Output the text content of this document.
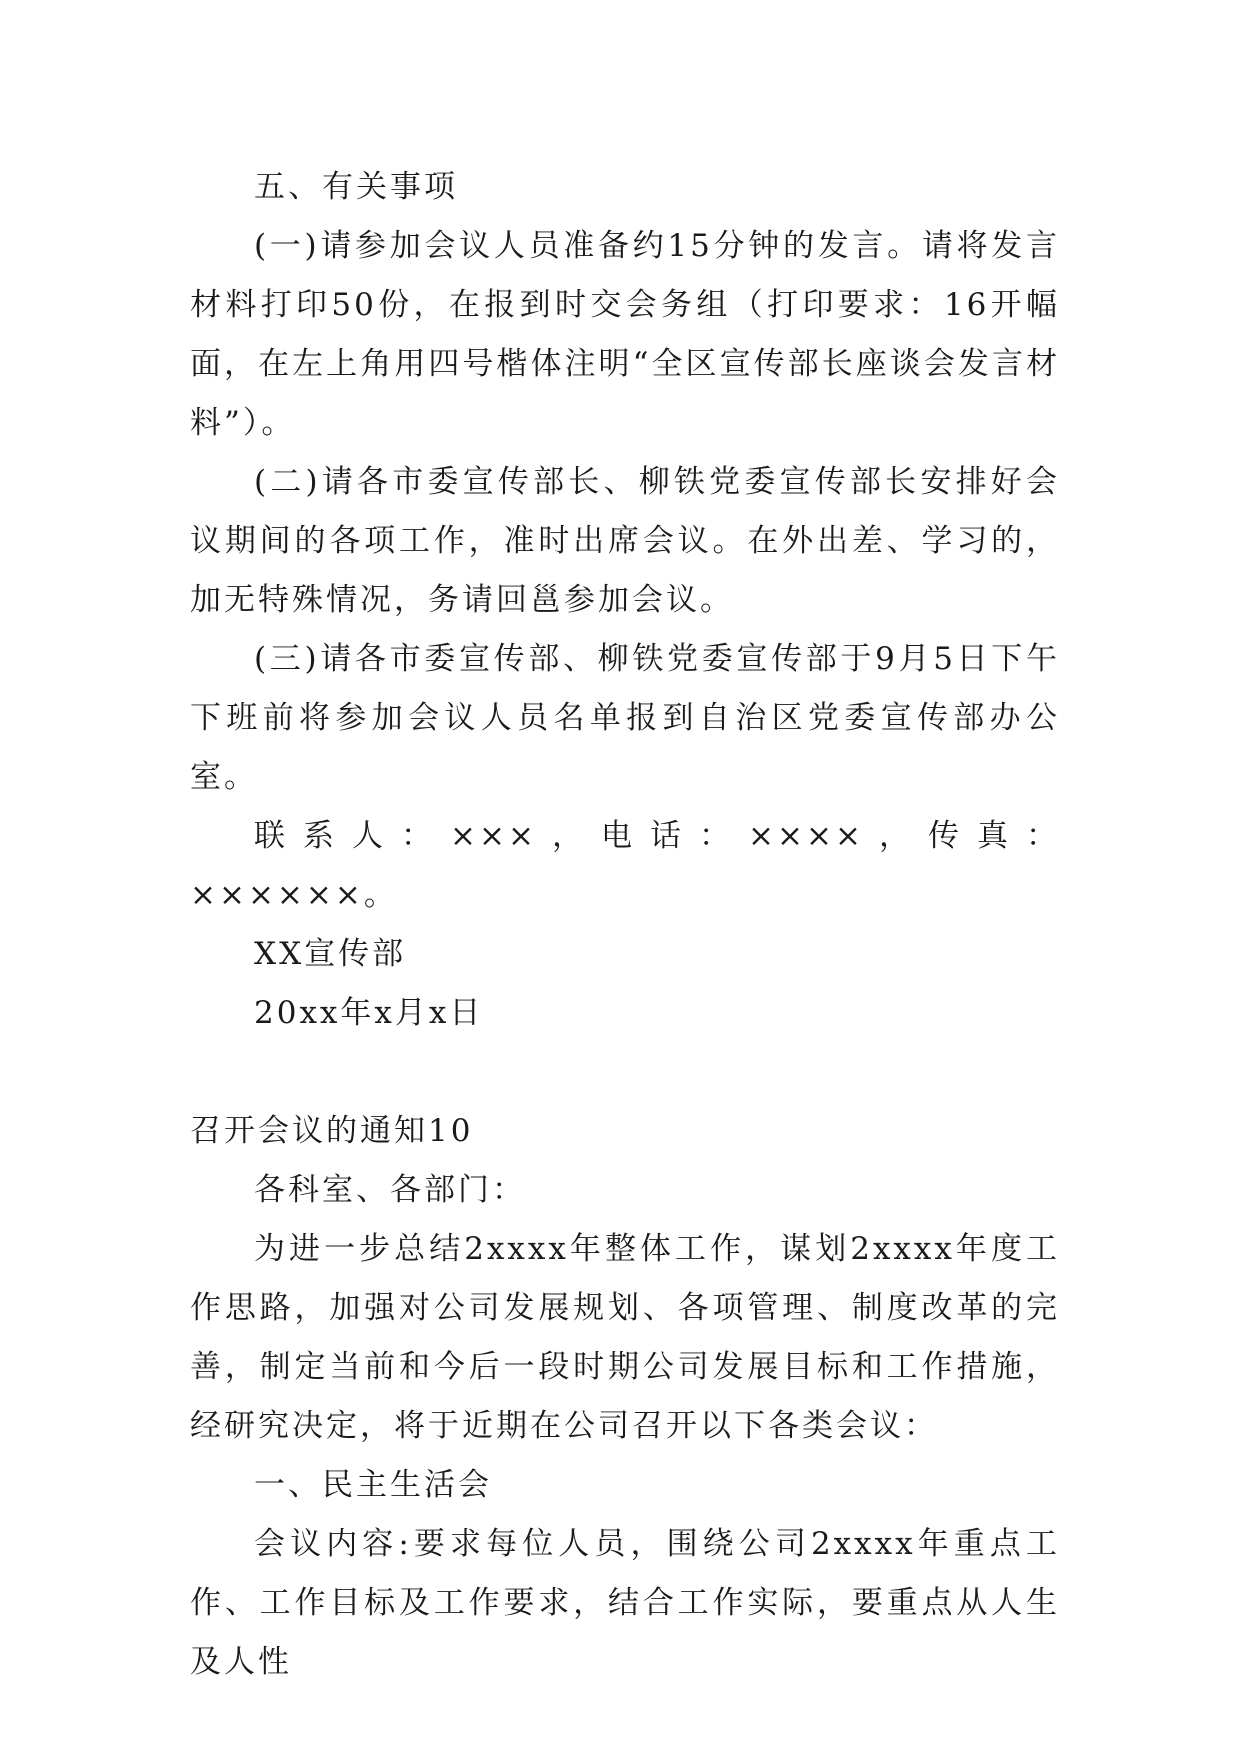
五、有关事项

(一)请参加会议人员准备约15分钟的发言。请将发言材料打印50份，在报到时交会务组（打印要求：16开幅面，在左上角用四号楷体注明“全区宣传部长座谈会发言材料”）。

(二)请各市委宣传部长、柳铁党委宣传部长安排好会议期间的各项工作，准时出席会议。在外出差、学习的，加无特殊情况，务请回邕参加会议。

(三)请各市委宣传部、柳铁党委宣传部于9月5日下午下班前将参加会议人员名单报到自治区党委宣传部办公室。

联系人：×××，电话：××××，传真：××××××。

XX宣传部

20xx年x月x日

召开会议的通知10

各科室、各部门：

为进一步总结2xxxx年整体工作，谋划2xxxx年度工作思路，加强对公司发展规划、各项管理、制度改革的完善，制定当前和今后一段时期公司发展目标和工作措施，经研究决定，将于近期在公司召开以下各类会议：

一、民主生活会

会议内容:要求每位人员，围绕公司2xxxx年重点工作、工作目标及工作要求，结合工作实际，要重点从人生及人性
